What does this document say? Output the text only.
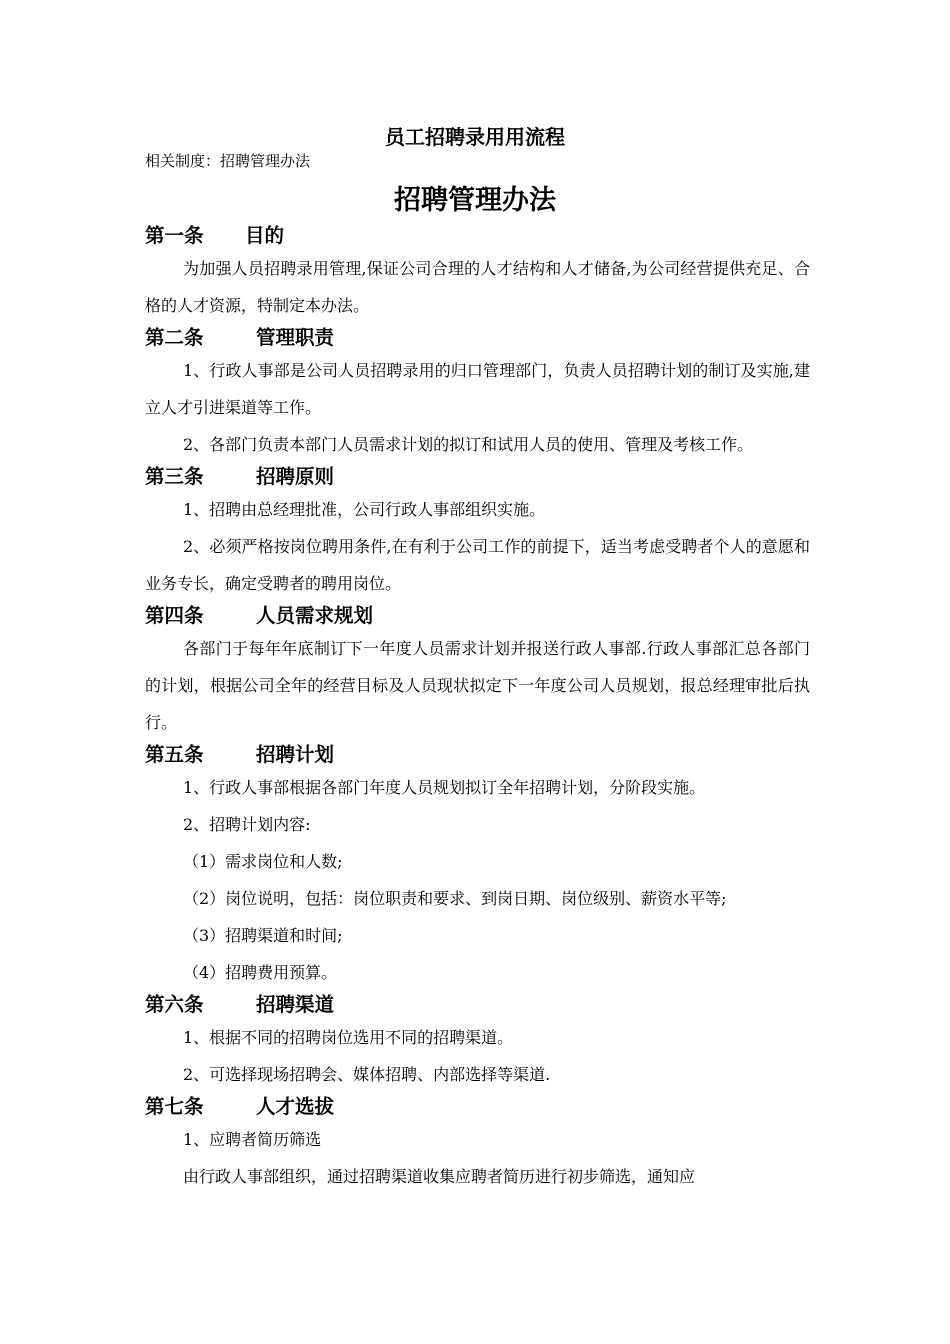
员工招聘录用用流程
相关制度：招聘管理办法
招聘管理办法
第一条 目的

为加强人员招聘录用管理,保证公司合理的人才结构和人才储备,为公司经营提供充足、合格的人才资源，特制定本办法。

第二条	管理职责

1、行政人事部是公司人员招聘录用的归口管理部门，负责人员招聘计划的制订及实施,建立人才引进渠道等工作。

2、各部门负责本部门人员需求计划的拟订和试用人员的使用、管理及考核工作。

第三条	招聘原则

1、招聘由总经理批准，公司行政人事部组织实施。

2、必须严格按岗位聘用条件,在有利于公司工作的前提下，适当考虑受聘者个人的意愿和业务专长，确定受聘者的聘用岗位。

第四条	人员需求规划

各部门于每年年底制订下一年度人员需求计划并报送行政人事部.行政人事部汇总各部门的计划，根据公司全年的经营目标及人员现状拟定下一年度公司人员规划，报总经理审批后执行。

第五条	招聘计划

1、行政人事部根据各部门年度人员规划拟订全年招聘计划，分阶段实施。

2、招聘计划内容:

（1）需求岗位和人数;

（2）岗位说明，包括：岗位职责和要求、到岗日期、岗位级别、薪资水平等;

（3）招聘渠道和时间;

（4）招聘费用预算。

第六条	招聘渠道

1、根据不同的招聘岗位选用不同的招聘渠道。

2、可选择现场招聘会、媒体招聘、内部选择等渠道.

第七条	人才选拔

1、应聘者简历筛选

由行政人事部组织，通过招聘渠道收集应聘者简历进行初步筛选，通知应
